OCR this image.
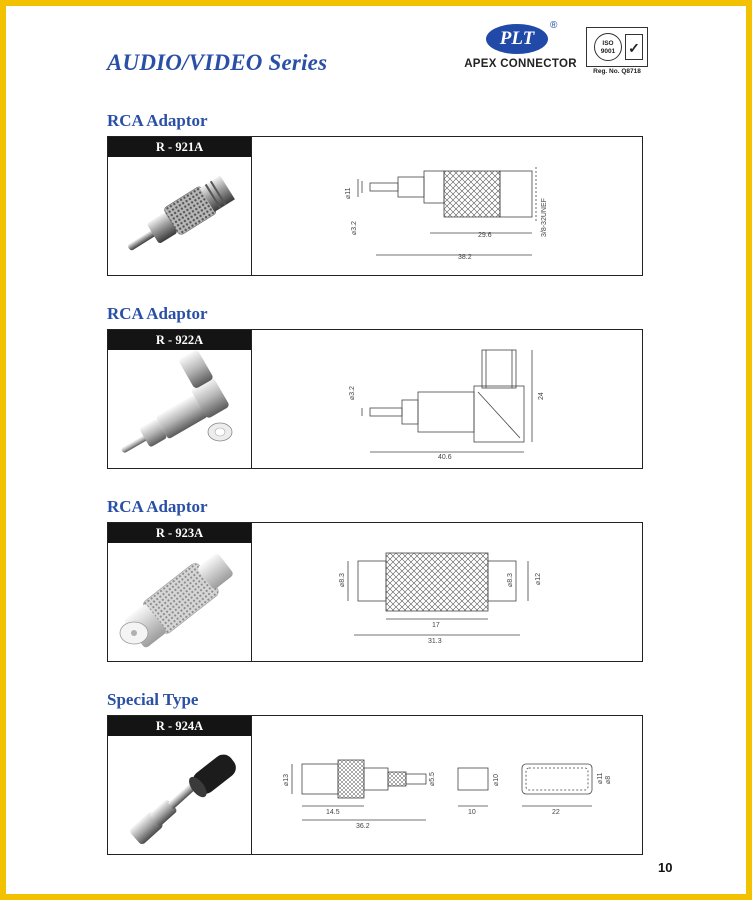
AUDIO/VIDEO Series
PLT
®
APEX CONNECTOR
ISO 9001 ✓
Reg. No. Q8718
RCA Adaptor
R - 921A
⌀11
⌀3.2	3/8-32UNEF
29.6
38.2
RCA Adaptor
R - 922A
⌀3.2	24
40.6
RCA Adaptor
R - 923A
⌀8.3	⌀8.3	⌀12
17
31.3
Special Type
R - 924A
⌀13	⌀5.5
14.5
36.2
⌀10
10
⌀11 ⌀8
22
10
